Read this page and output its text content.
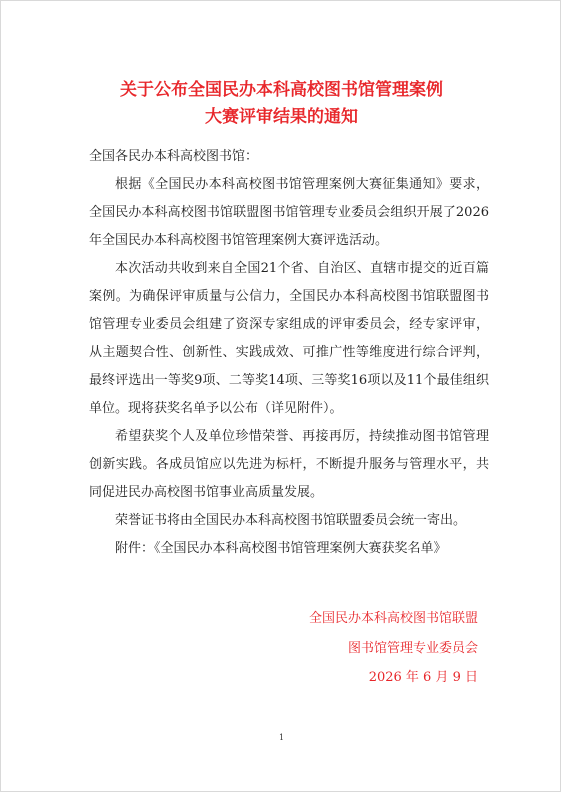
关于公布全国民办本科高校图书馆管理案例
大赛评审结果的通知
全国各民办本科高校图书馆：

根据《全国民办本科高校图书馆管理案例大赛征集通知》要求，全国民办本科高校图书馆联盟图书馆管理专业委员会组织开展了2026年全国民办本科高校图书馆管理案例大赛评选活动。

本次活动共收到来自全国21个省、自治区、直辖市提交的近百篇案例。为确保评审质量与公信力，全国民办本科高校图书馆联盟图书馆管理专业委员会组建了资深专家组成的评审委员会，经专家评审，从主题契合性、创新性、实践成效、可推广性等维度进行综合评判，最终评选出一等奖9项、二等奖14项、三等奖16项以及11个最佳组织单位。现将获奖名单予以公布（详见附件）。

希望获奖个人及单位珍惜荣誉、再接再厉，持续推动图书馆管理创新实践。各成员馆应以先进为标杆，不断提升服务与管理水平，共同促进民办高校图书馆事业高质量发展。

荣誉证书将由全国民办本科高校图书馆联盟委员会统一寄出。

附件：《全国民办本科高校图书馆管理案例大赛获奖名单》

全国民办本科高校图书馆联盟
图书馆管理专业委员会
2026 年 6 月 9 日
1
